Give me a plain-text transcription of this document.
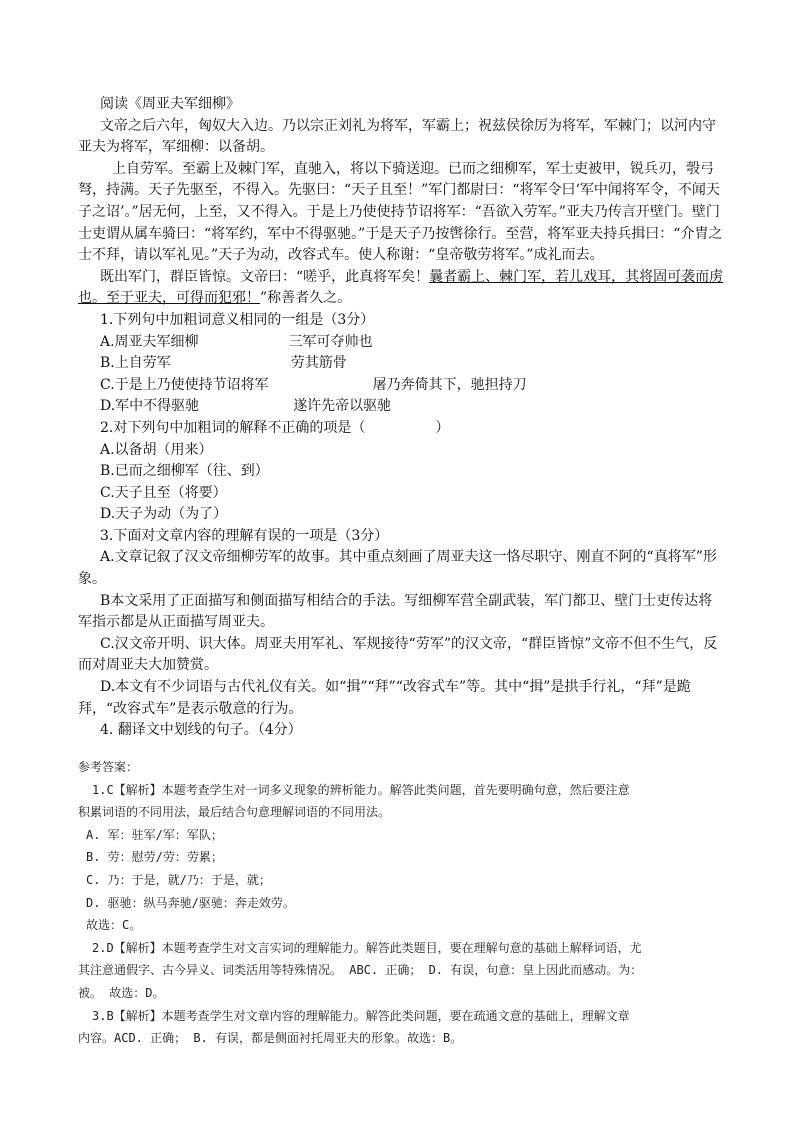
阅读《周亚夫军细柳》

文帝之后六年，匈奴大入边。乃以宗正刘礼为将军，军霸上；祝兹侯徐厉为将军，军棘门；以河内守亚夫为将军，军细柳：以备胡。

上自劳军。至霸上及棘门军，直驰入，将以下骑送迎。已而之细柳军，军士吏被甲，锐兵刃，彀弓弩，持满。天子先驱至，不得入。先驱曰：“天子且至！”军门都尉曰：“将军令曰‘军中闻将军令，不闻天子之诏’。”居无何，上至，又不得入。于是上乃使使持节诏将军：“吾欲入劳军。”亚夫乃传言开壁门。壁门士吏谓从属车骑曰：“将军约，军中不得驱驰。”于是天子乃按辔徐行。至营，将军亚夫持兵揖曰：“介胄之士不拜，请以军礼见。”天子为动，改容式车。使人称谢：“皇帝敬劳将军。”成礼而去。

既出军门，群臣皆惊。文帝曰：“嗟乎，此真将军矣！曩者霸上、棘门军，若儿戏耳，其将固可袭而虏也。至于亚夫，可得而犯邪！”称善者久之。

1.下列句中加粗词意义相同的一组是（3分）

A.周亚夫军细柳	三军可夺帅也

B.上自劳军	劳其筋骨

C.于是上乃使使持节诏将军	屠乃奔倚其下，驰担持刀

D.军中不得驱驰	遂许先帝以驱驰

2.对下列句中加粗词的解释不正确的项是（	）

A.以备胡（用来）

B.已而之细柳军（往、到）

C.天子且至（将要）

D.天子为动（为了）

3.下面对文章内容的理解有误的一项是（3分）

A.文章记叙了汉文帝细柳劳军的故事。其中重点刻画了周亚夫这一恪尽职守、刚直不阿的“真将军”形象。

B本文采用了正面描写和侧面描写相结合的手法。写细柳军营全副武装，军门都卫、壁门士吏传达将军指示都是从正面描写周亚夫。

C.汉文帝开明、识大体。周亚夫用军礼、军规接待“劳军”的汉文帝，“群臣皆惊”文帝不但不生气，反而对周亚夫大加赞赏。

D.本文有不少词语与古代礼仪有关。如“揖”“拜”“改容式车”等。其中“揖”是拱手行礼，“拜”是跪拜，“改容式车”是表示敬意的行为。

4. 翻译文中划线的句子。（4分）

参考答案：

1.C【解析】本题考查学生对一词多义现象的辨析能力。解答此类问题，首先要明确句意，然后要注意

积累词语的不同用法，最后结合句意理解词语的不同用法。

A. 军：驻军/军：军队；

B. 劳：慰劳/劳：劳累；

C. 乃：于是，就/乃：于是，就；

D. 驱驰：纵马奔驰/驱驰：奔走效劳。

故选：C。

2.D【解析】本题考查学生对文言实词的理解能力。解答此类题目，要在理解句意的基础上解释词语，尤

其注意通假字、古今异义、词类活用等特殊情况。 ABC. 正确； D. 有误，句意：皇上因此而感动。为：

被。 故选：D。

3.B【解析】本题考查学生对文章内容的理解能力。解答此类问题，要在疏通文意的基础上，理解文章

内容。ACD. 正确； B. 有误，都是侧面衬托周亚夫的形象。故选：B。
